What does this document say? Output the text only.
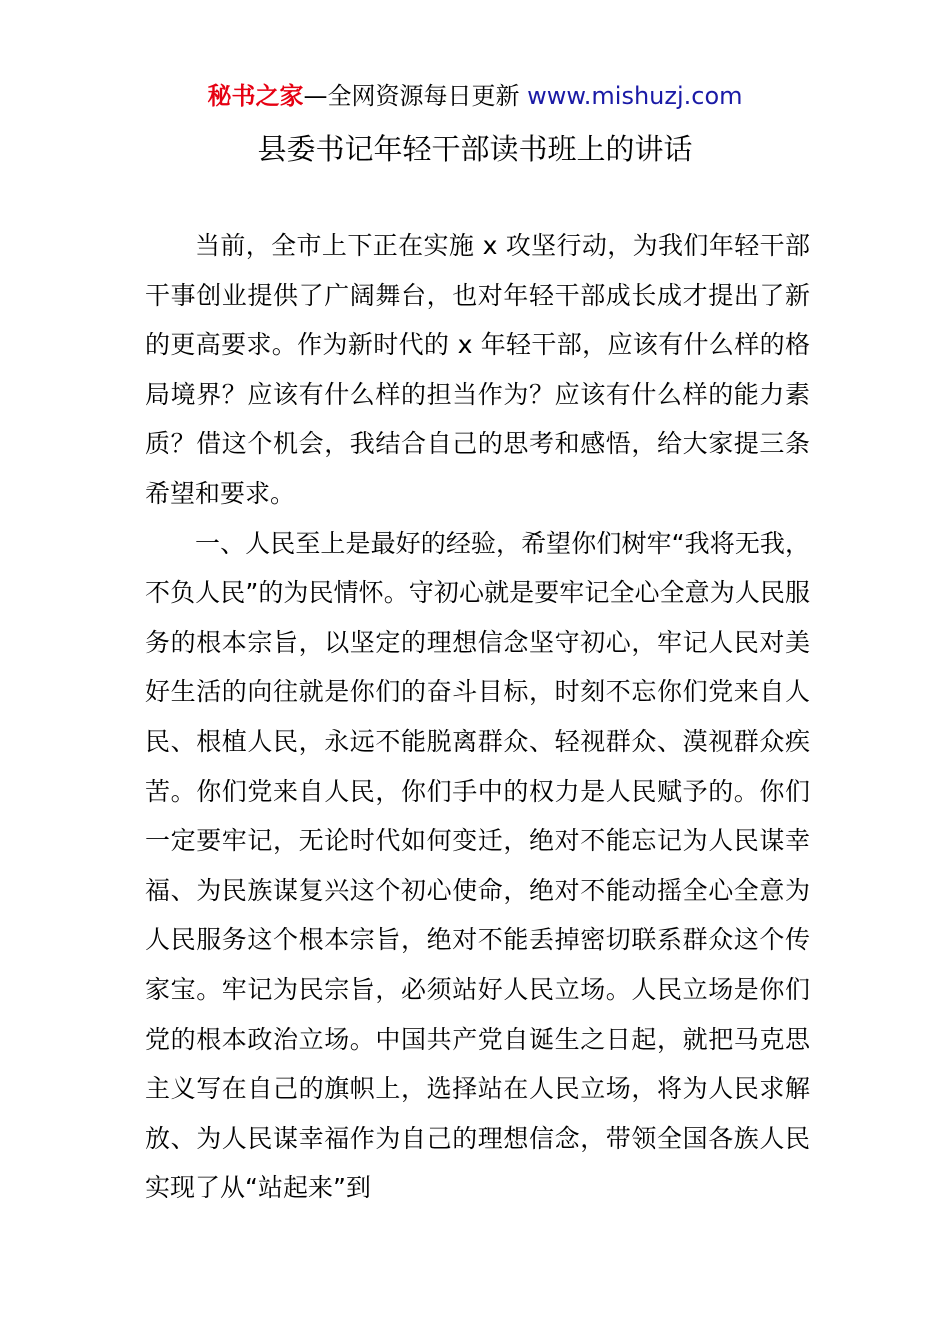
秘书之家—全网资源每日更新 www.mishuzj.com
县委书记年轻干部读书班上的讲话

当前，全市上下正在实施 x 攻坚行动，为我们年轻干部干事创业提供了广阔舞台，也对年轻干部成长成才提出了新的更高要求。作为新时代的 x 年轻干部，应该有什么样的格局境界？应该有什么样的担当作为？应该有什么样的能力素质？借这个机会，我结合自己的思考和感悟，给大家提三条希望和要求。

一、人民至上是最好的经验，希望你们树牢“我将无我，不负人民”的为民情怀。守初心就是要牢记全心全意为人民服务的根本宗旨，以坚定的理想信念坚守初心，牢记人民对美好生活的向往就是你们的奋斗目标，时刻不忘你们党来自人民、根植人民，永远不能脱离群众、轻视群众、漠视群众疾苦。你们党来自人民，你们手中的权力是人民赋予的。你们一定要牢记，无论时代如何变迁，绝对不能忘记为人民谋幸福、为民族谋复兴这个初心使命，绝对不能动摇全心全意为人民服务这个根本宗旨，绝对不能丢掉密切联系群众这个传家宝。牢记为民宗旨，必须站好人民立场。人民立场是你们党的根本政治立场。中国共产党自诞生之日起，就把马克思主义写在自己的旗帜上，选择站在人民立场，将为人民求解放、为人民谋幸福作为自己的理想信念，带领全国各族人民实现了从“站起来”到
